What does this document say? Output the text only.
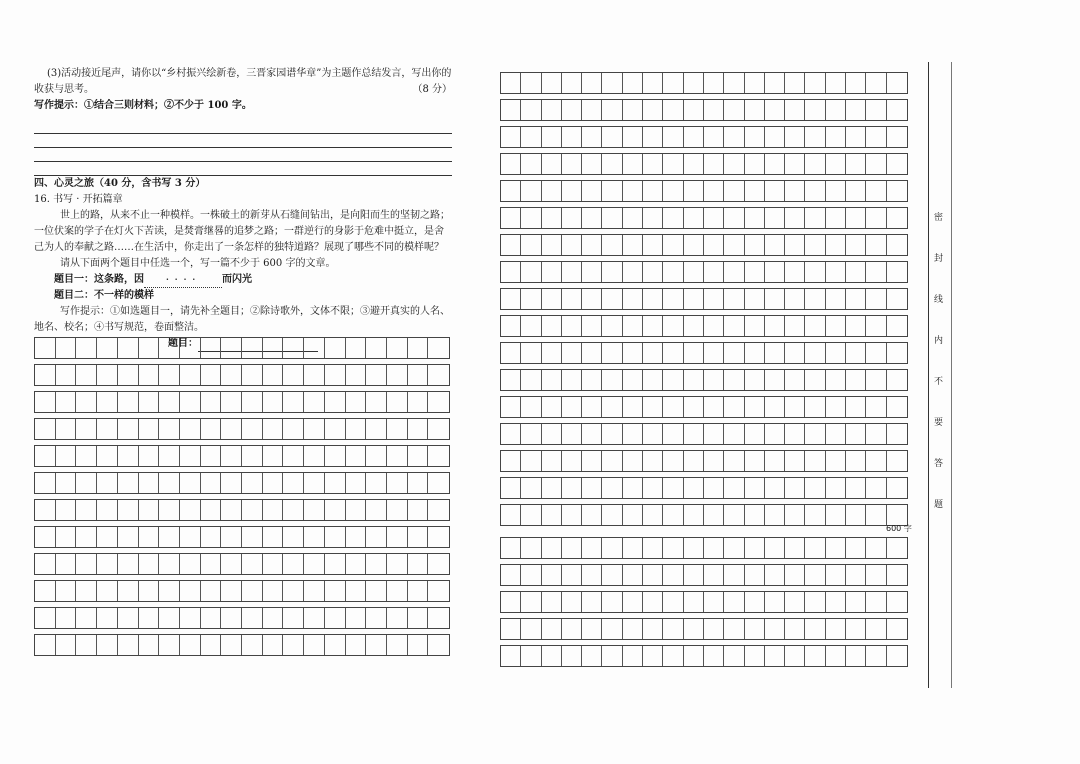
(3)活动接近尾声，请你以“乡村振兴绘新卷，三晋家园谱华章”为主题作总结发言，写出你的

收获与思考。	（8 分）

写作提示：①结合三则材料；②不少于 100 字。

四、心灵之旅（40 分，含书写 3 分）

16. 书写 · 开拓篇章

世上的路，从来不止一种模样。一株破土的新芽从石缝间钻出，是向阳而生的坚韧之路；一位伏案的学子在灯火下苦读，是焚膏继晷的追梦之路；一群逆行的身影于危难中挺立，是舍己为人的奉献之路……在生活中，你走出了一条怎样的独特道路？展现了哪些不同的模样呢？

请从下面两个题目中任选一个，写一篇不少于 600 字的文章。

题目一：这条路，因	···· 而闪光

题目二：不一样的模样

写作提示：①如选题目一，请先补全题目；②除诗歌外，文体不限；③避开真实的人名、地名、校名；④书写规范，卷面整洁。

题目：

600 字
密
封
线
内
不
要
答
题
